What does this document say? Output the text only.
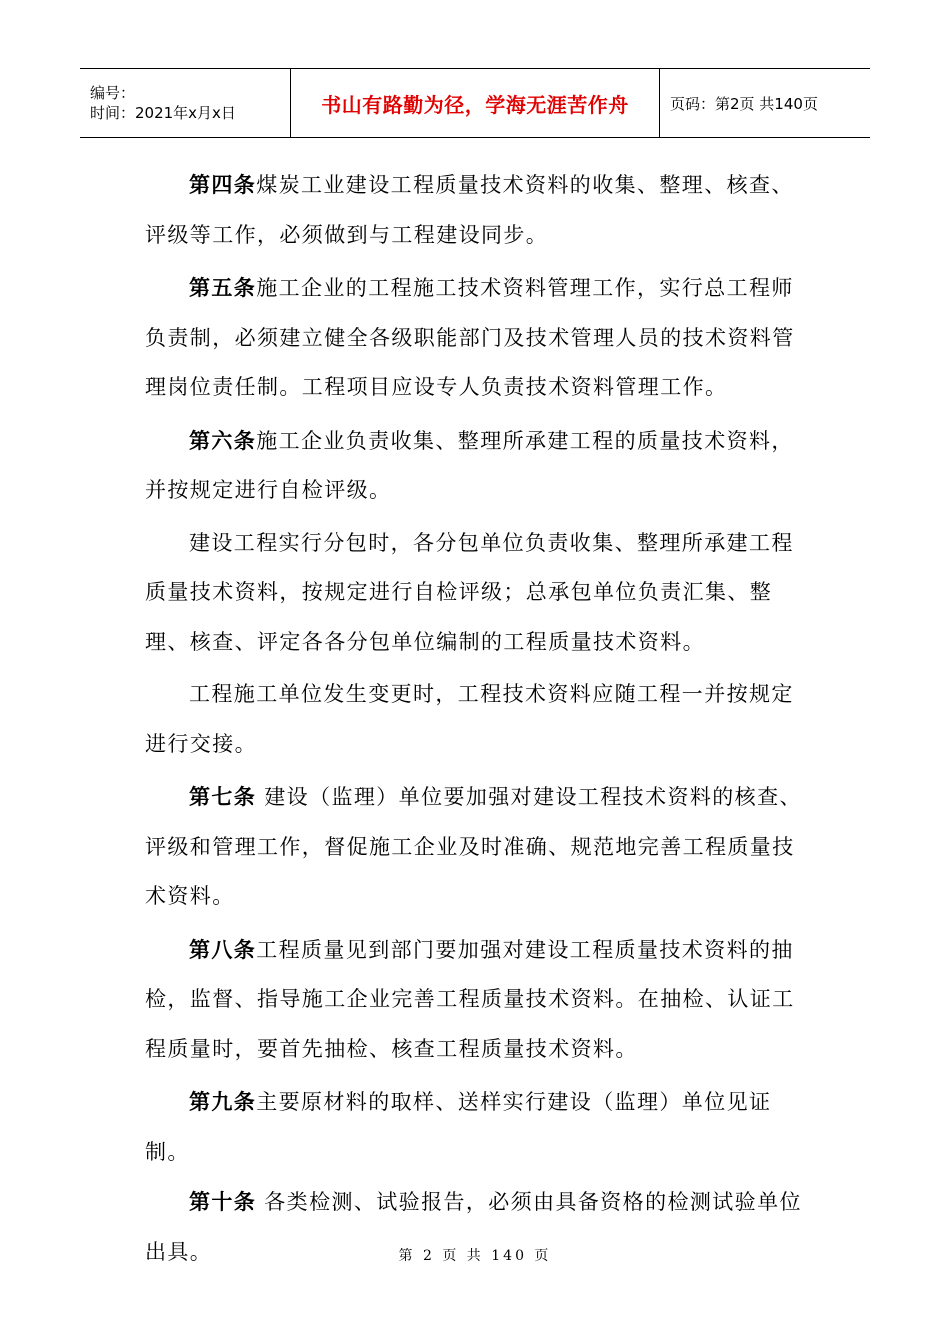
编号：
时间：2021年x月x日	书山有路勤为径，学海无涯苦作舟	页码：第2页 共140页

第四条煤炭工业建设工程质量技术资料的收集、整理、核查、评级等工作，必须做到与工程建设同步。

第五条施工企业的工程施工技术资料管理工作，实行总工程师负责制，必须建立健全各级职能部门及技术管理人员的技术资料管理岗位责任制。工程项目应设专人负责技术资料管理工作。

第六条施工企业负责收集、整理所承建工程的质量技术资料，并按规定进行自检评级。

建设工程实行分包时，各分包单位负责收集、整理所承建工程质量技术资料，按规定进行自检评级；总承包单位负责汇集、整理、核查、评定各各分包单位编制的工程质量技术资料。

工程施工单位发生变更时，工程技术资料应随工程一并按规定进行交接。

第七条 建设（监理）单位要加强对建设工程技术资料的核查、评级和管理工作，督促施工企业及时准确、规范地完善工程质量技术资料。

第八条工程质量见到部门要加强对建设工程质量技术资料的抽检，监督、指导施工企业完善工程质量技术资料。在抽检、认证工程质量时，要首先抽检、核查工程质量技术资料。

第九条主要原材料的取样、送样实行建设（监理）单位见证制。

第十条 各类检测、试验报告，必须由具备资格的检测试验单位出具。	第 2 页 共 140 页
